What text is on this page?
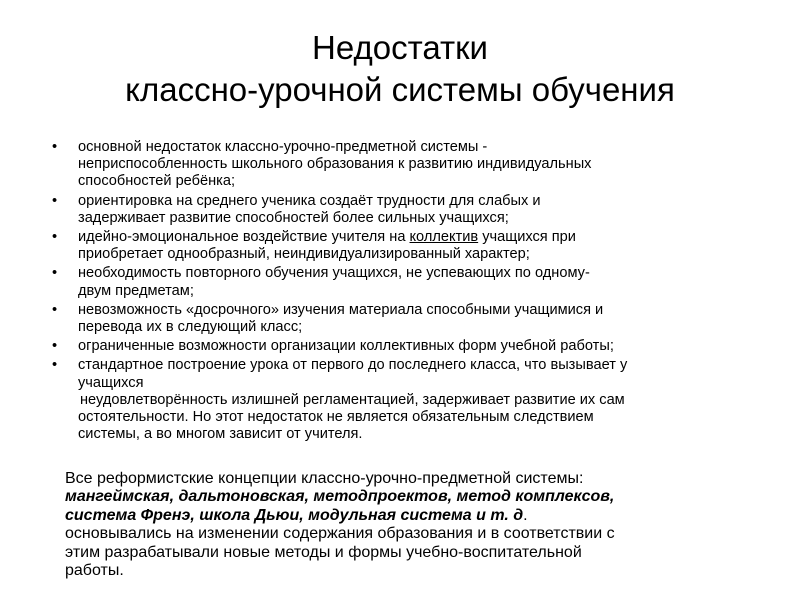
Недостатки
классно-урочной системы обучения
•	основной недостаток классно-урочно-предметной системы -
неприспособленность школьного образования к развитию индивидуальных
способностей ребёнка;
•	ориентировка на среднего ученика создаёт трудности для слабых и
задерживает развитие способностей более сильных учащихся;
•	идейно-эмоциональное воздействие учителя на коллектив учащихся при
приобретает однообразный, неиндивидуализированный характер;
•	необходимость повторного обучения учащихся, не успевающих по одному-
двум предметам;
•	невозможность «досрочного» изучения материала способными учащимися и
перевода их в следующий класс;
•	ограниченные возможности организации коллективных форм учебной работы;
•	стандартное построение урока от первого до последнего класса, что вызывает у
учащихся
неудовлетворённость излишней регламентацией, задерживает развитие их сам
остоятельности. Но этот недостаток не является обязательным следствием
системы, а во многом зависит от учителя.
Все реформистские концепции классно-урочно-предметной системы:
мангеймская, дальтоновская, методпроектов, метод комплексов,
система Френэ, школа Дьюи, модульная система и т. д.
основывались на изменении содержания образования и в соответствии с
этим разрабатывали новые методы и формы учебно-воспитательной
работы.
